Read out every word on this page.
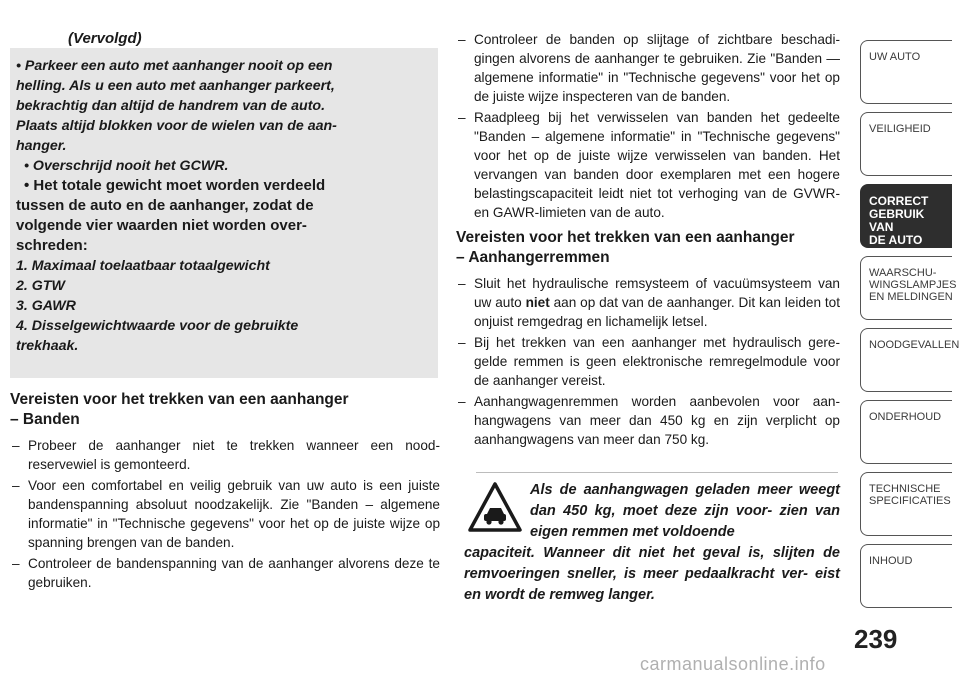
(Vervolgd)

• Parkeer een auto met aanhanger nooit op een

helling. Als u een auto met aanhanger parkeert,

bekrachtig dan altijd de handrem van de auto.

Plaats altijd blokken voor de wielen van de aan-

hanger.

• Overschrijd nooit het GCWR.

• Het totale gewicht moet worden verdeeld

tussen de auto en de aanhanger, zodat de

volgende vier waarden niet worden over-

schreden:

1. Maximaal toelaatbaar totaalgewicht

2. GTW

3. GAWR

4. Disselgewichtwaarde voor de gebruikte

trekhaak.

Vereisten voor het trekken van een aanhanger

– Banden

– Probeer de aanhanger niet te trekken wanneer een nood- reservewiel is gemonteerd.
– Voor een comfortabel en veilig gebruik van uw auto is een juiste bandenspanning absoluut noodzakelijk. Zie "Banden – algemene informatie" in "Technische gegevens" voor het op de juiste wijze op spanning brengen van de banden.
– Controleer de bandenspanning van de aanhanger alvorens deze te gebruiken.
– Controleer de banden op slijtage of zichtbare beschadi- gingen alvorens de aanhanger te gebruiken. Zie "Banden — algemene informatie" in "Technische gegevens" voor het op de juiste wijze inspecteren van de banden.
– Raadpleeg bij het verwisselen van banden het gedeelte "Banden – algemene informatie" in "Technische gegevens" voor het op de juiste wijze verwisselen van banden. Het vervangen van banden door exemplaren met een hogere belastingscapaciteit leidt niet tot verhoging van de GVWR- en GAWR-limieten van de auto.

Vereisten voor het trekken van een aanhanger

– Aanhangerremmen

– Sluit het hydraulische remsysteem of vacuümsysteem van uw auto niet aan op dat van de aanhanger. Dit kan leiden tot onjuist remgedrag en lichamelijk letsel.
– Bij het trekken van een aanhanger met hydraulisch gere- gelde remmen is geen elektronische remregelmodule voor de aanhanger vereist.
– Aanhangwagenremmen worden aanbevolen voor aan- hangwagens van meer dan 450 kg en zijn verplicht op aanhangwagens van meer dan 750 kg.
Als de aanhangwagen geladen meer weegt dan 450 kg, moet deze zijn voor- zien van eigen remmen met voldoende
capaciteit. Wanneer dit niet het geval is, slijten de remvoeringen sneller, is meer pedaalkracht ver- eist en wordt de remweg langer.
UW AUTO
VEILIGHEID
CORRECT
GEBRUIK VAN
DE AUTO
WAARSCHU-
WINGSLAMPJES
EN MELDINGEN
NOODGEVALLEN
ONDERHOUD
TECHNISCHE
SPECIFICATIES
INHOUD
239
carmanualsonline.info
